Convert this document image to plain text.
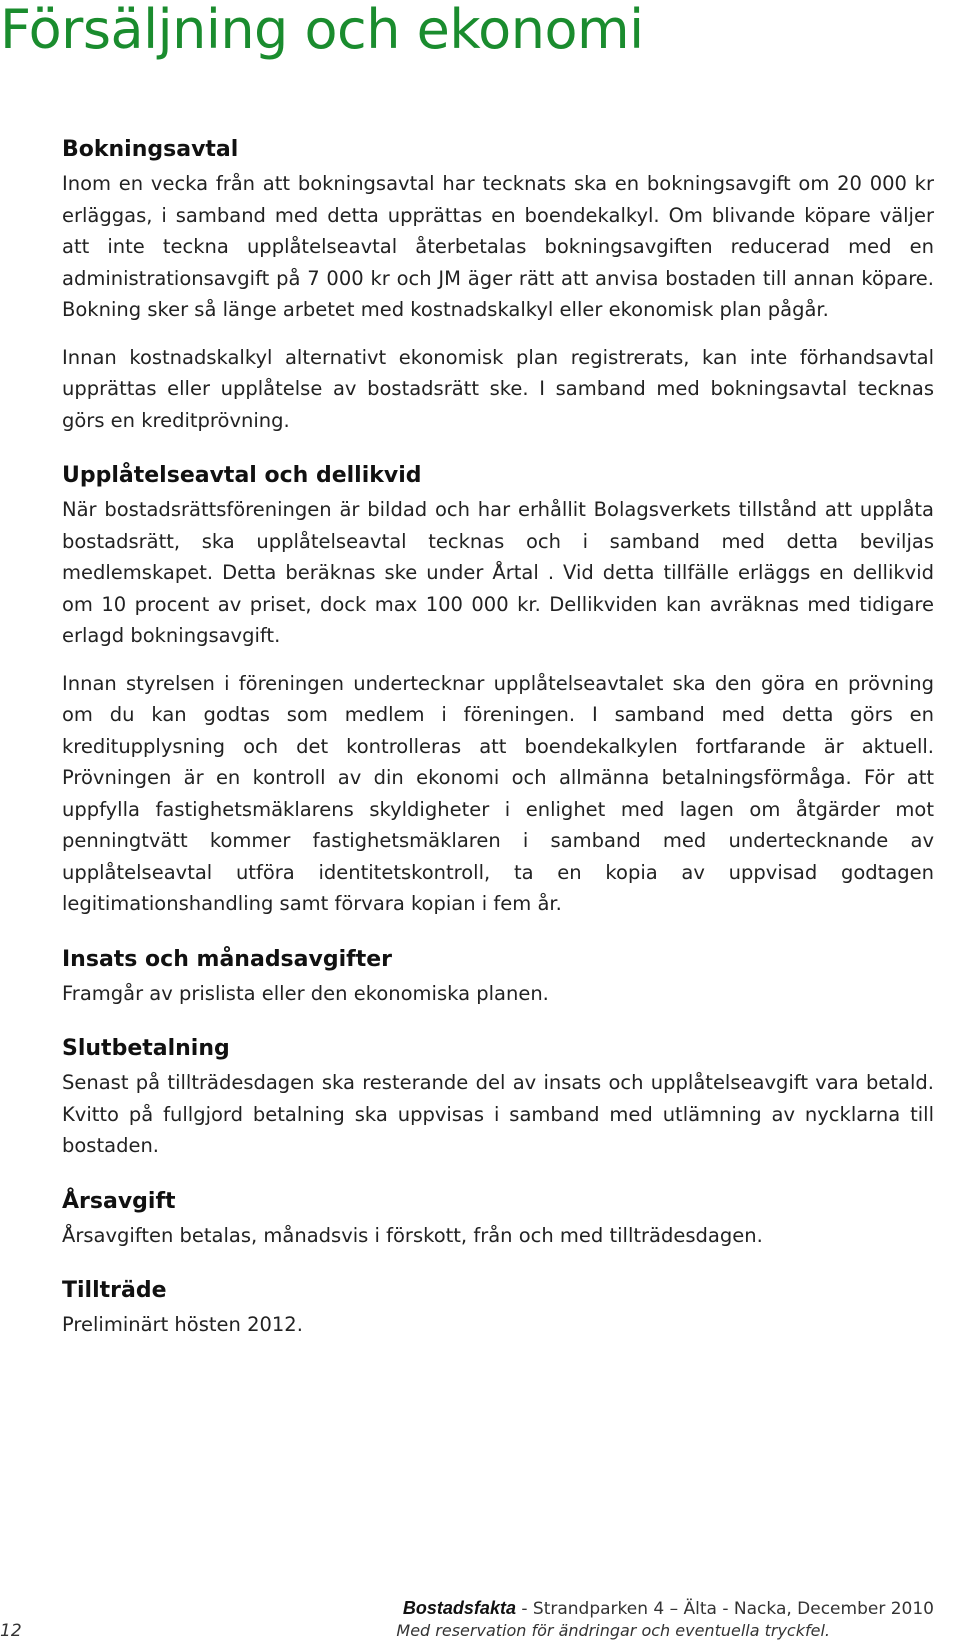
Försäljning och ekonomi
Bokningsavtal

Inom en vecka från att bokningsavtal har tecknats ska en bokningsavgift om 20 000 kr erläggas, i samband med detta upprättas en boendekalkyl. Om blivande köpare väljer att inte teckna upplåtelseavtal återbetalas bokningsavgiften reducerad med en administrationsavgift på 7 000 kr och JM äger rätt att anvisa bostaden till annan köpare. Bokning sker så länge arbetet med kostnadskalkyl eller ekonomisk plan pågår.

Innan kostnadskalkyl alternativt ekonomisk plan registrerats, kan inte förhandsavtal upprättas eller upplåtelse av bostadsrätt ske. I samband med bokningsavtal tecknas görs en kreditprövning.

Upplåtelseavtal och dellikvid

När bostadsrättsföreningen är bildad och har erhållit Bolagsverkets tillstånd att upplåta bostadsrätt, ska upplåtelseavtal tecknas och i samband med detta beviljas medlemskapet. Detta beräknas ske under Årtal . Vid detta tillfälle erläggs en dellikvid om 10 procent av priset, dock max 100 000 kr. Dellikviden kan avräknas med tidigare erlagd bokningsavgift.

Innan styrelsen i föreningen undertecknar upplåtelseavtalet ska den göra en prövning om du kan godtas som medlem i föreningen. I samband med detta görs en kreditupplysning och det kontrolleras att boendekalkylen fortfarande är aktuell. Prövningen är en kontroll av din ekonomi och allmänna betalningsförmåga. För att uppfylla fastighetsmäklarens skyldigheter i enlighet med lagen om åtgärder mot penningtvätt kommer fastighetsmäklaren i samband med undertecknande av upplåtelseavtal utföra identitetskontroll, ta en kopia av uppvisad godtagen legitimationshandling samt förvara kopian i fem år.

Insats och månadsavgifter

Framgår av prislista eller den ekonomiska planen.

Slutbetalning

Senast på tillträdesdagen ska resterande del av insats och upplåtelseavgift vara betald. Kvitto på fullgjord betalning ska uppvisas i samband med utlämning av nycklarna till bostaden.

Årsavgift

Årsavgiften betalas, månadsvis i förskott, från och med tillträdesdagen.

Tillträde

Preliminärt hösten 2012.

12
Bostadsfakta - Strandparken 4 – Älta - Nacka, December 2010
Med reservation för ändringar och eventuella tryckfel.
